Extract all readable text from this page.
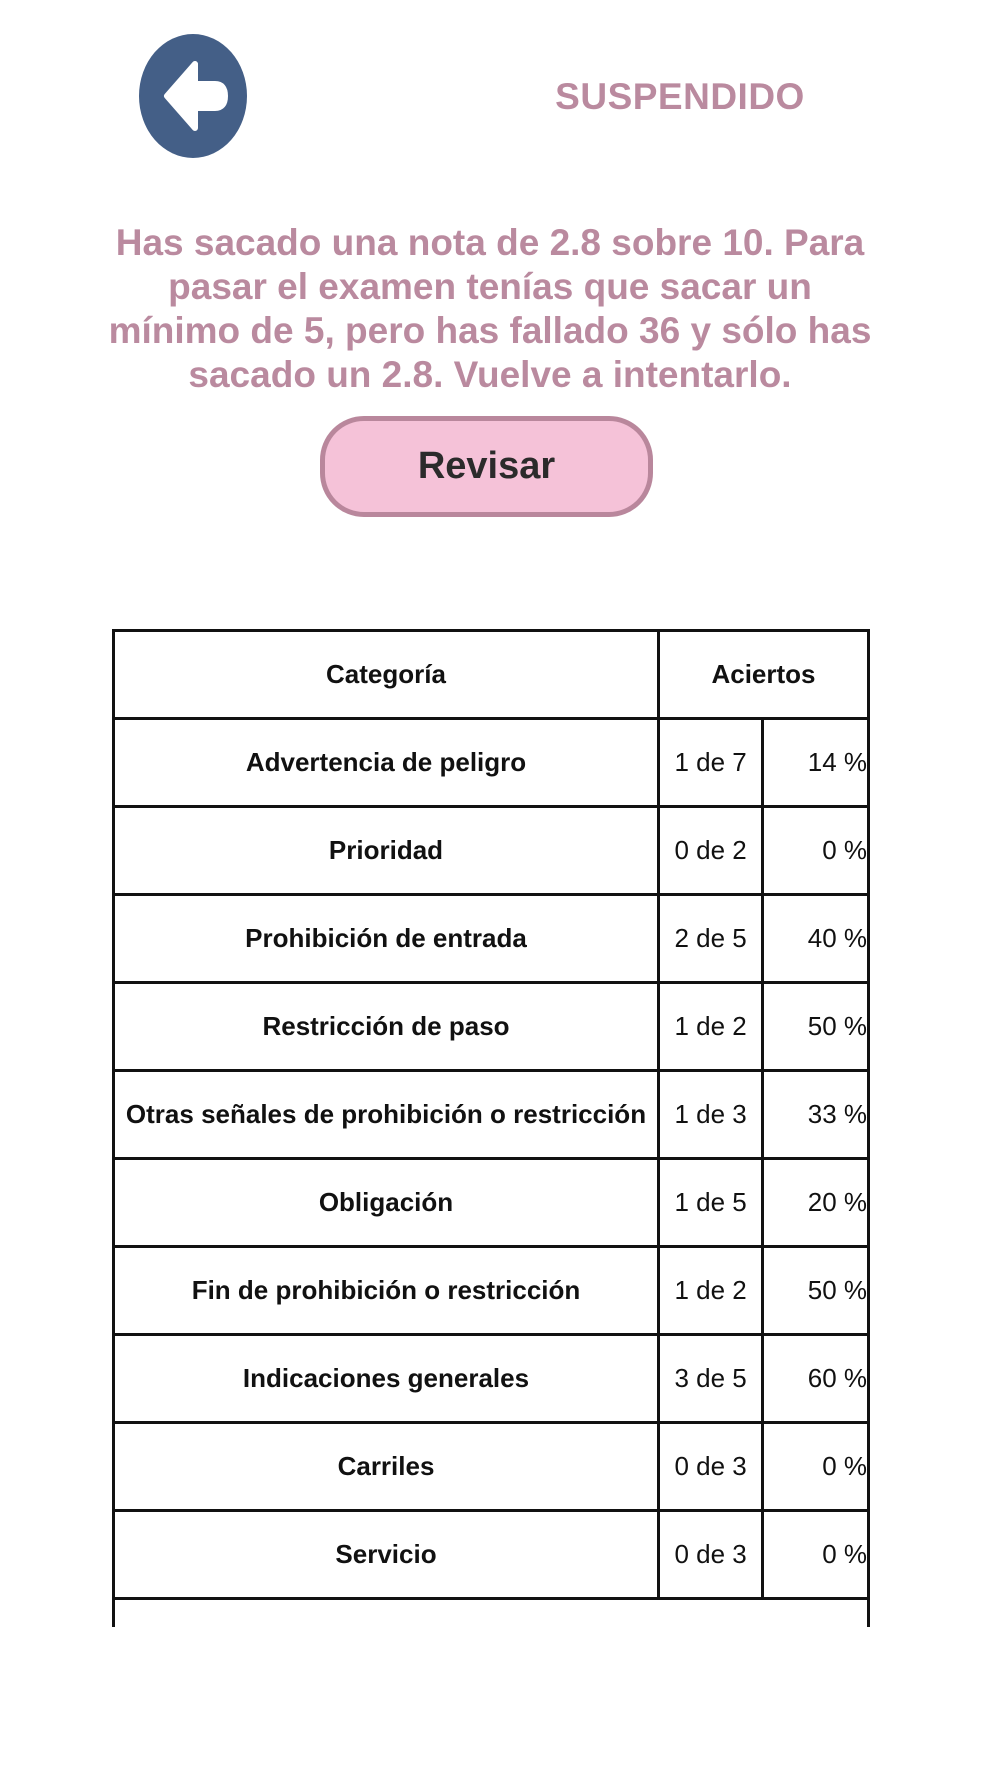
SUSPENDIDO
Has sacado una nota de 2.8 sobre 10. Para pasar el examen tenías que sacar un mínimo de 5, pero has fallado 36 y sólo has sacado un 2.8. Vuelve a intentarlo.
Revisar
Categoría	Aciertos	
Advertencia de peligro	1 de 7	14 %
Prioridad	0 de 2	0 %
Prohibición de entrada	2 de 5	40 %
Restricción de paso	1 de 2	50 %
Otras señales de prohibición o restricción	1 de 3	33 %
Obligación	1 de 5	20 %
Fin de prohibición o restricción	1 de 2	50 %
Indicaciones generales	3 de 5	60 %
Carriles	0 de 3	0 %
Servicio	0 de 3	0 %
